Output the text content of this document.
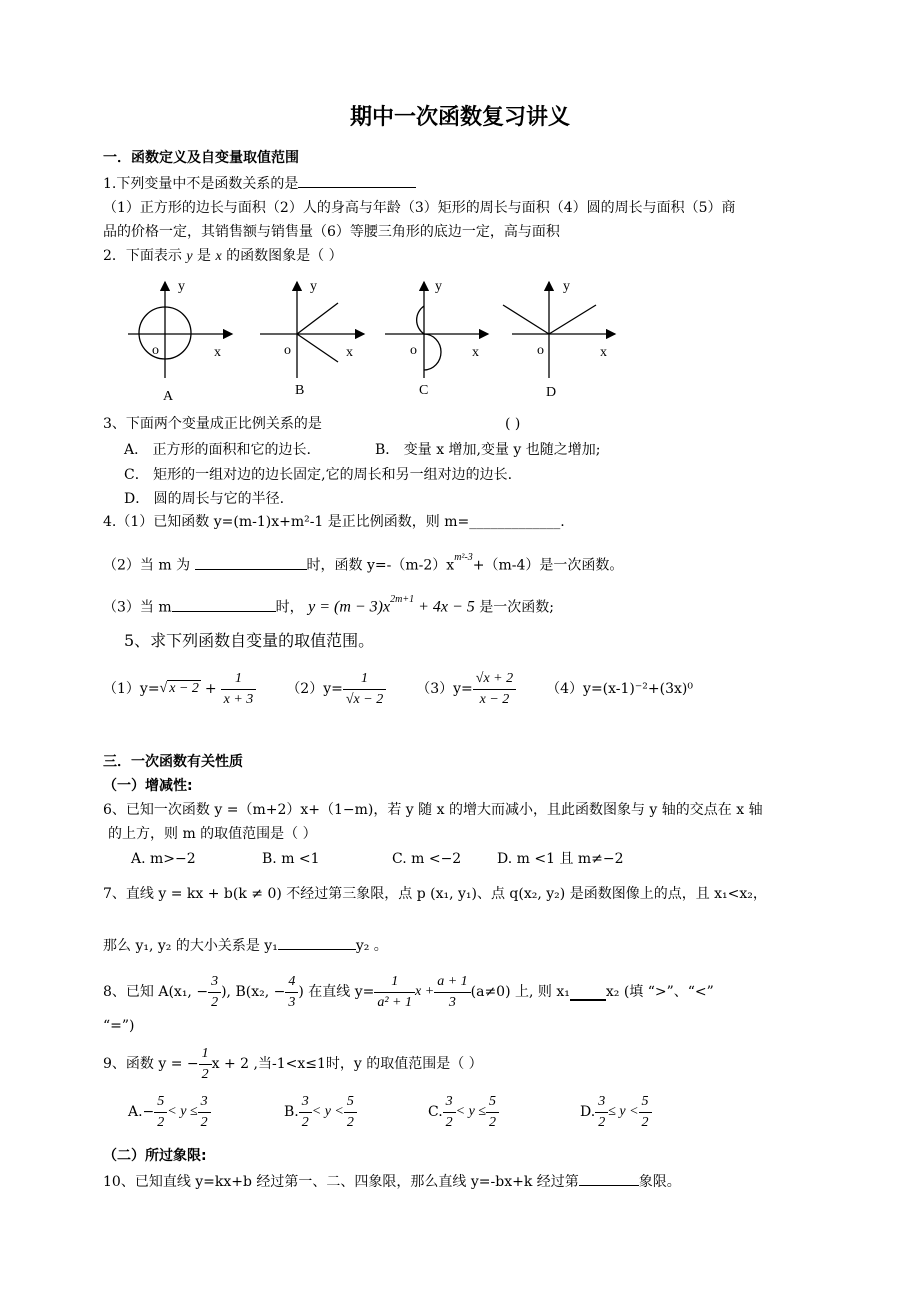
期中一次函数复习讲义
一．函数定义及自变量取值范围
1.下列变量中不是函数关系的是
（1）正方形的边长与面积（2）人的身高与年龄（3）矩形的周长与面积（4）圆的周长与面积（5）商
品的价格一定，其销售额与销售量（6）等腰三角形的底边一定，高与面积
2．下面表示 y 是 x 的函数图象是（ ）
y
o	x
A
y
o	x
B
y
o	x
C
y
o	x
D
3、下面两个变量成正比例关系的是	( )
A． 正方形的面积和它的边长.	B． 变量 x 增加,变量 y 也随之增加;
C． 矩形的一组对边的边长固定,它的周长和另一组对边的边长.
D． 圆的周长与它的半径.
4.（1）已知函数 y=(m-1)x+m²-1 是正比例函数，则 m=_____________.
（2）当 m 为	时，函数 $y=-(m-2)x^{m^2-3}+(m-4)$是一次函数。
（3）当 m	时， $y = (m - 3)x^{2m+1} + 4x - 5$ 是一次函数;
5、求下列函数自变量的取值范围。
（1）y= √ $x - 2 + \frac{1}{x + 3} (2)y= \frac{1}{√x - 2} (3)y= \frac{√x + 2}{x - 2} (4)y=(x-1)^{-2}+(3x)^0$
三．一次函数有关性质
（一）增减性:
6、已知一次函数 y =（m+2）x+（1−m)，若 y 随 x 的增大而减小，且此函数图象与 y 轴的交点在 x 轴
的上方，则 m 的取值范围是（ ）
A. m>−2	B. m <1	C. m <−2	D. m <1 且 m≠−2
7、直线 y = kx + b(k ≠ 0) 不经过第三象限，点 p (x₁, y₁)、点 q(x₂, y₂) 是函数图像上的点，且 x₁<x₂，
那么 y₁, y₂ 的大小关系是 y₁	y₂ 。
8、已知 A(x₁, − $\frac{3}{2}$ ), B(x₂, − $\frac{4}{3}$ ) 在直线 $y= \frac{1}{\text{a² + 1}}$ $x + \frac{a + 1}{3} (a\ne 0)$ 上, 则 x₁	x₂ (填 “>”、“<”
“=”)
9、函数 y = − $\frac{1}{2}$ x + 2 ,当-1<x≤1时，y 的取值范围是（ ）
$A.- \frac{5}{2} < y \le \frac{3}{2}$	B. $\frac{3}{2} < y < \frac{5}{2}$	C. $\frac{3}{2} < y \le \frac{5}{2}$	D. $\frac{3}{2} \le y < \frac{5}{2}$
（二）所过象限:
10、已知直线 y=kx+b 经过第一、二、四象限，那么直线 y=-bx+k 经过第	象限。
